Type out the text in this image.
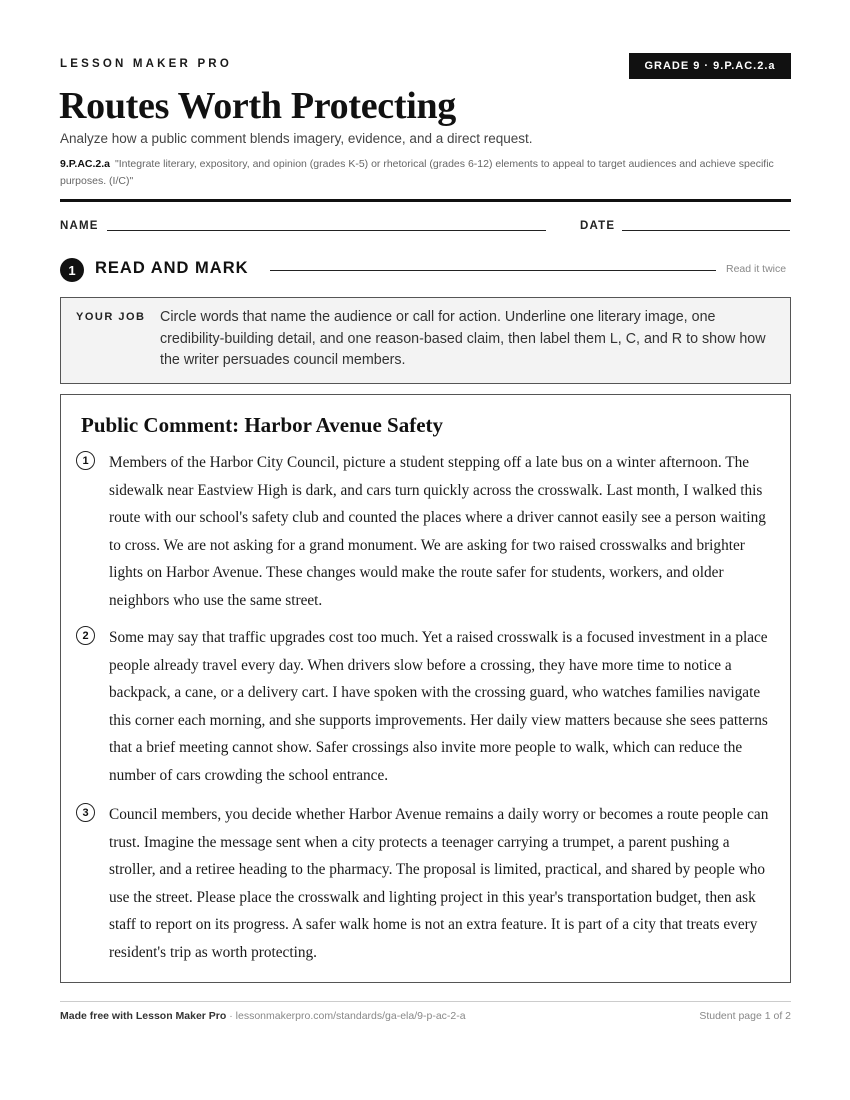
LESSON MAKER PRO	GRADE 9 · 9.P.AC.2.a
Routes Worth Protecting
Analyze how a public comment blends imagery, evidence, and a direct request.
9.P.AC.2.a "Integrate literary, expository, and opinion (grades K-5) or rhetorical (grades 6-12) elements to appeal to target audiences and achieve specific purposes. (I/C)"
NAME	DATE
1	READ AND MARK	Read it twice
YOUR JOB Circle words that name the audience or call for action. Underline one literary image, one credibility-building detail, and one reason-based claim, then label them L, C, and R to show how the writer persuades council members.
Public Comment: Harbor Avenue Safety
1	Members of the Harbor City Council, picture a student stepping off a late bus on a winter afternoon. The sidewalk near Eastview High is dark, and cars turn quickly across the crosswalk. Last month, I walked this route with our school's safety club and counted the places where a driver cannot easily see a person waiting to cross. We are not asking for a grand monument. We are asking for two raised crosswalks and brighter lights on Harbor Avenue. These changes would make the route safer for students, workers, and older neighbors who use the same street.
2	Some may say that traffic upgrades cost too much. Yet a raised crosswalk is a focused investment in a place people already travel every day. When drivers slow before a crossing, they have more time to notice a backpack, a cane, or a delivery cart. I have spoken with the crossing guard, who watches families navigate this corner each morning, and she supports improvements. Her daily view matters because she sees patterns that a brief meeting cannot show. Safer crossings also invite more people to walk, which can reduce the number of cars crowding the school entrance.
3	Council members, you decide whether Harbor Avenue remains a daily worry or becomes a route people can trust. Imagine the message sent when a city protects a teenager carrying a trumpet, a parent pushing a stroller, and a retiree heading to the pharmacy. The proposal is limited, practical, and shared by people who use the street. Please place the crosswalk and lighting project in this year's transportation budget, then ask staff to report on its progress. A safer walk home is not an extra feature. It is part of a city that treats every resident's trip as worth protecting.
Made free with Lesson Maker Pro · lessonmakerpro.com/standards/ga-ela/9-p-ac-2-a	Student page 1 of 2
